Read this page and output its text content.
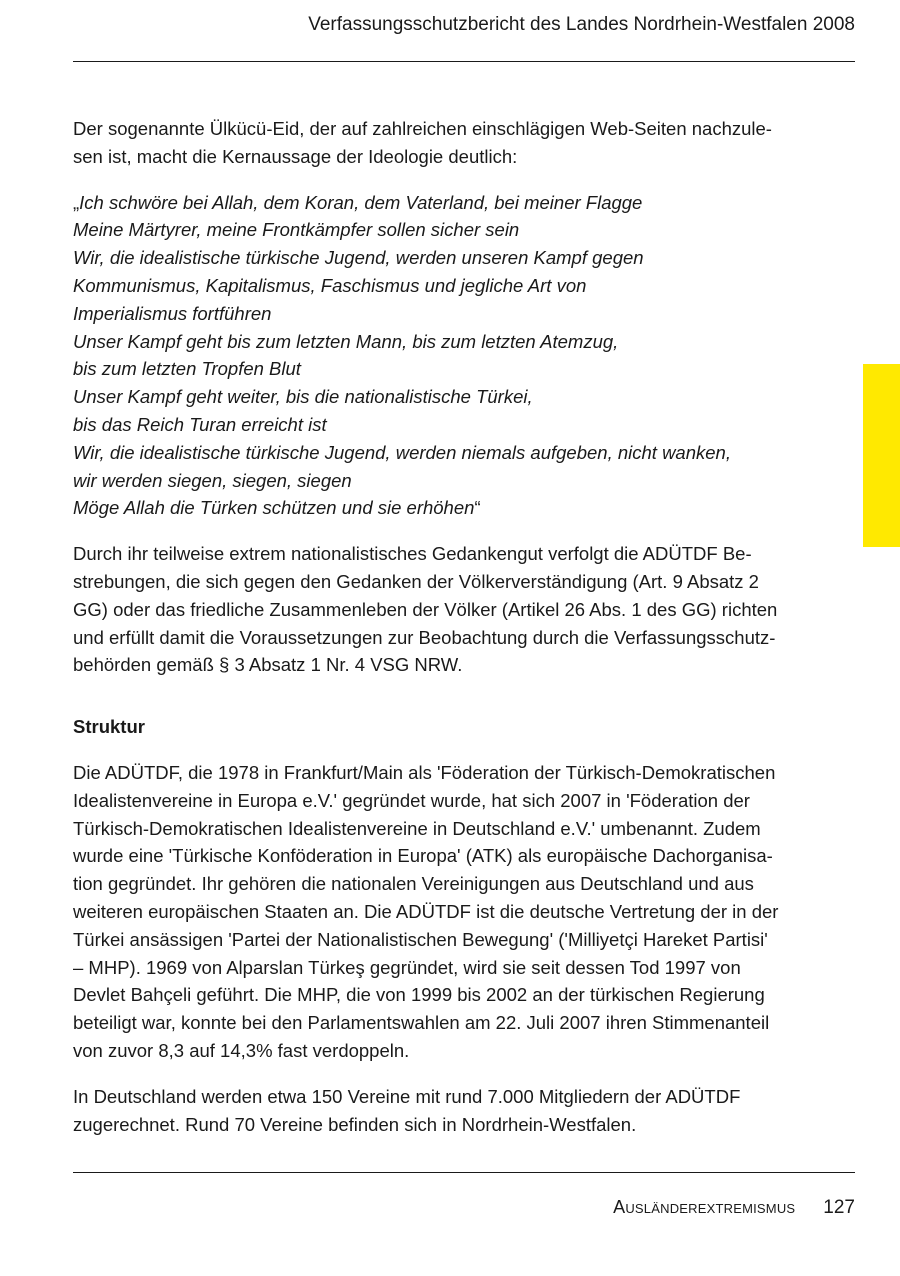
Verfassungsschutzbericht des Landes Nordrhein-Westfalen 2008

Der sogenannte Ülkücü-Eid, der auf zahlreichen einschlägigen Web-Seiten nachzule-

sen ist, macht die Kernaussage der Ideologie deutlich:

„Ich schwöre bei Allah, dem Koran, dem Vaterland, bei meiner Flagge

Meine Märtyrer, meine Frontkämpfer sollen sicher sein

Wir, die idealistische türkische Jugend, werden unseren Kampf gegen

Kommunismus, Kapitalismus, Faschismus und jegliche Art von

Imperialismus fortführen

Unser Kampf geht bis zum letzten Mann, bis zum letzten Atemzug,

bis zum letzten Tropfen Blut

Unser Kampf geht weiter, bis die nationalistische Türkei,

bis das Reich Turan erreicht ist

Wir, die idealistische türkische Jugend, werden niemals aufgeben, nicht wanken,

wir werden siegen, siegen, siegen

Möge Allah die Türken schützen und sie erhöhen“

Durch ihr teilweise extrem nationalistisches Gedankengut verfolgt die ADÜTDF Be-

strebungen, die sich gegen den Gedanken der Völkerverständigung (Art. 9 Absatz 2

GG) oder das friedliche Zusammenleben der Völker (Artikel 26 Abs. 1 des GG) richten

und erfüllt damit die Voraussetzungen zur Beobachtung durch die Verfassungsschutz-

behörden gemäß § 3 Absatz 1 Nr. 4 VSG NRW.

Struktur

Die ADÜTDF, die 1978 in Frankfurt/Main als 'Föderation der Türkisch-Demokratischen

Idealistenvereine in Europa e.V.' gegründet wurde, hat sich 2007 in 'Föderation der

Türkisch-Demokratischen Idealistenvereine in Deutschland e.V.' umbenannt. Zudem

wurde eine 'Türkische Konföderation in Europa' (ATK) als europäische Dachorganisa-

tion gegründet. Ihr gehören die nationalen Vereinigungen aus Deutschland und aus

weiteren europäischen Staaten an. Die ADÜTDF ist die deutsche Vertretung der in der

Türkei ansässigen 'Partei der Nationalistischen Bewegung' ('Milliyetçi Hareket Partisi'

– MHP). 1969 von Alparslan Türkeş gegründet, wird sie seit dessen Tod 1997 von

Devlet Bahçeli geführt. Die MHP, die von 1999 bis 2002 an der türkischen Regierung

beteiligt war, konnte bei den Parlamentswahlen am 22. Juli 2007 ihren Stimmenanteil

von zuvor 8,3 auf 14,3% fast verdoppeln.

In Deutschland werden etwa 150 Vereine mit rund 7.000 Mitgliedern der ADÜTDF

zugerechnet. Rund 70 Vereine befinden sich in Nordrhein-Westfalen.

Ausländerextremismus 127
